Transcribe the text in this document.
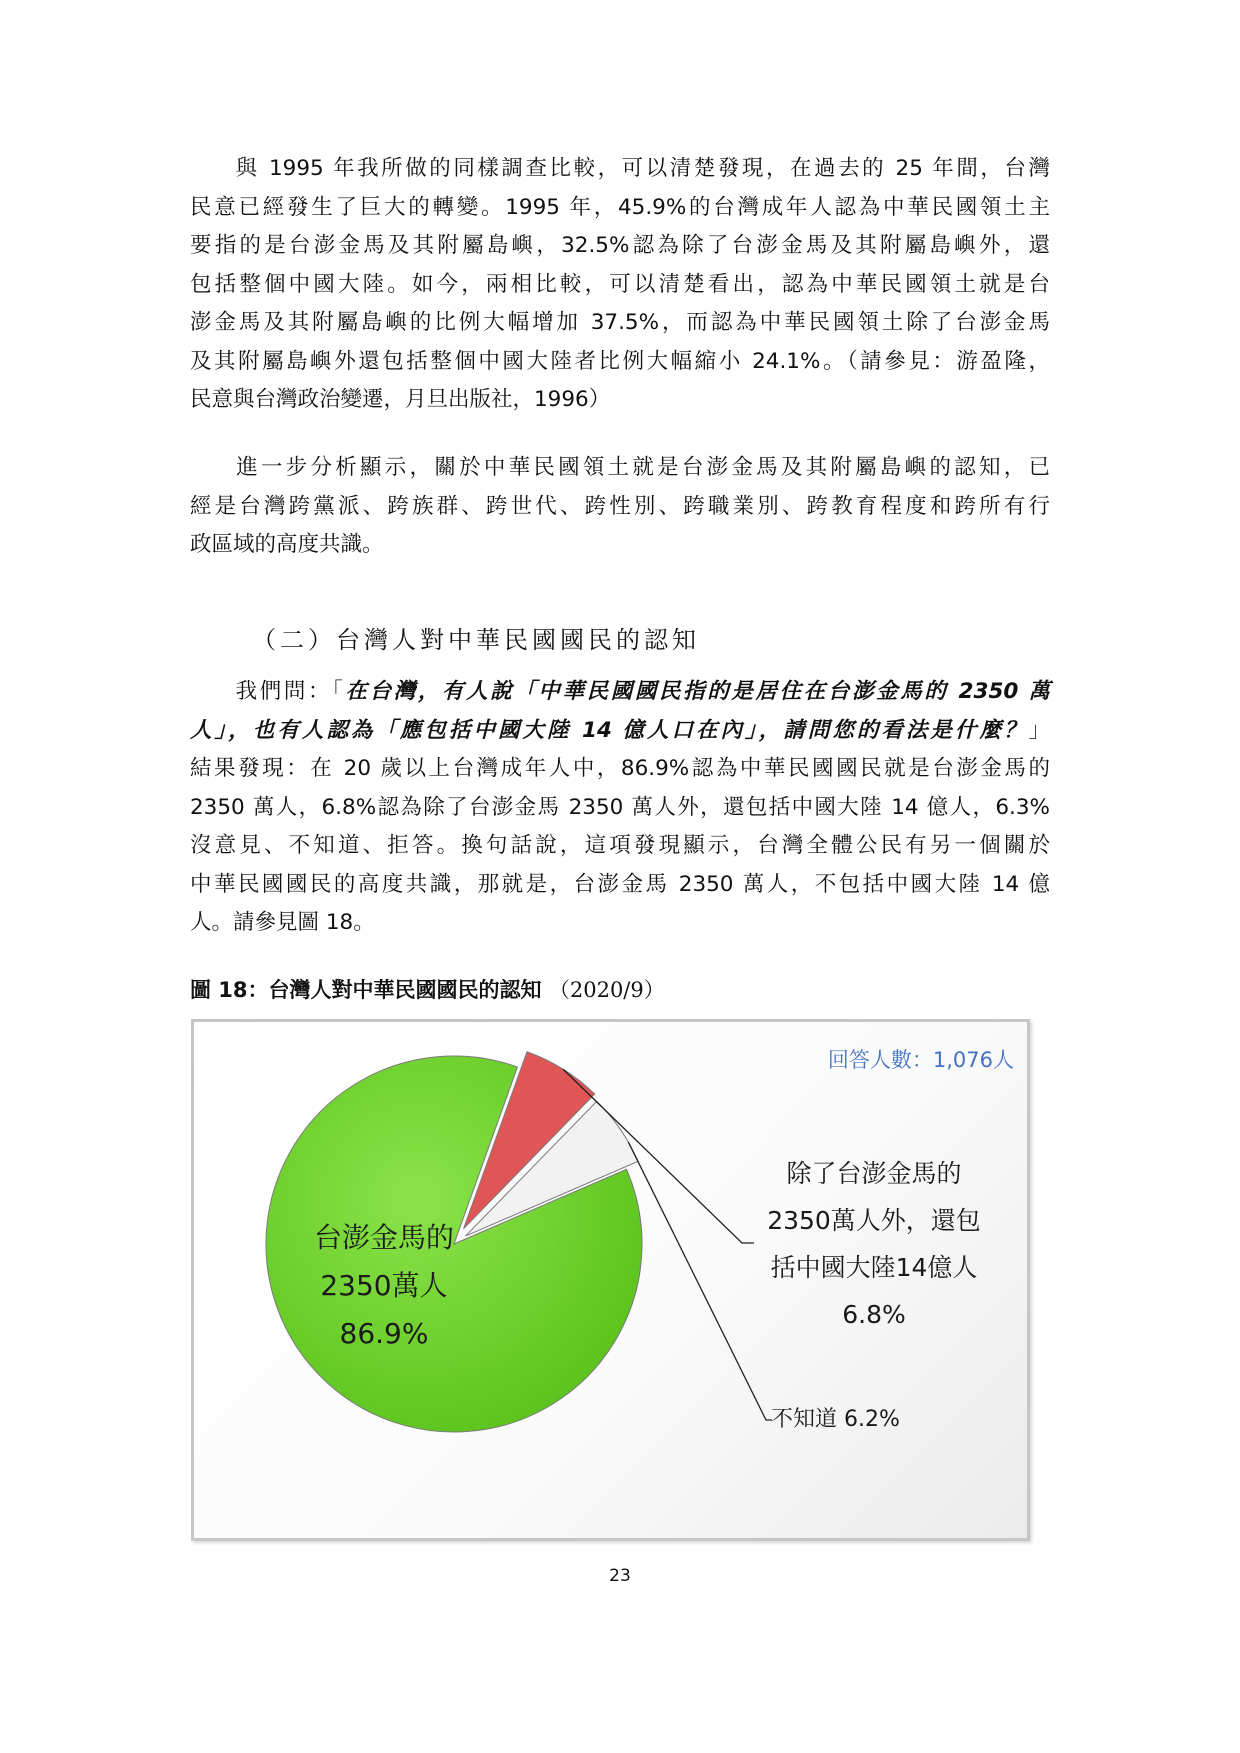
與 1995 年我所做的同樣調查比較，可以清楚發現，在過去的 25 年間，台灣
民意已經發生了巨大的轉變。1995 年，45.9%的台灣成年人認為中華民國領土主
要指的是台澎金馬及其附屬島嶼，32.5%認為除了台澎金馬及其附屬島嶼外，還
包括整個中國大陸。如今，兩相比較，可以清楚看出，認為中華民國領土就是台
澎金馬及其附屬島嶼的比例大幅增加 37.5%，而認為中華民國領土除了台澎金馬
及其附屬島嶼外還包括整個中國大陸者比例大幅縮小 24.1%。（請參見：游盈隆，
民意與台灣政治變遷，月旦出版社，1996）
進一步分析顯示，關於中華民國領土就是台澎金馬及其附屬島嶼的認知，已
經是台灣跨黨派、跨族群、跨世代、跨性別、跨職業別、跨教育程度和跨所有行
政區域的高度共識。
（二）台灣人對中華民國國民的認知
我們問：「在台灣，有人說「中華民國國民指的是居住在台澎金馬的 2350 萬
人」，也有人認為「應包括中國大陸 14 億人口在內」，請問您的看法是什麼？」
結果發現：在 20 歲以上台灣成年人中，86.9%認為中華民國國民就是台澎金馬的
2350 萬人，6.8%認為除了台澎金馬 2350 萬人外，還包括中國大陸 14 億人，6.3%
沒意見、不知道、拒答。換句話說，這項發現顯示，台灣全體公民有另一個關於
中華民國國民的高度共識，那就是，台澎金馬 2350 萬人，不包括中國大陸 14 億
人。請參見圖 18。
圖 18：台灣人對中華民國國民的認知 （2020/9）
回答人數：1,076人
台澎金馬的
2350萬人
86.9%
除了台澎金馬的
2350萬人外，還包
括中國大陸14億人
6.8%
不知道 6.2%
23
